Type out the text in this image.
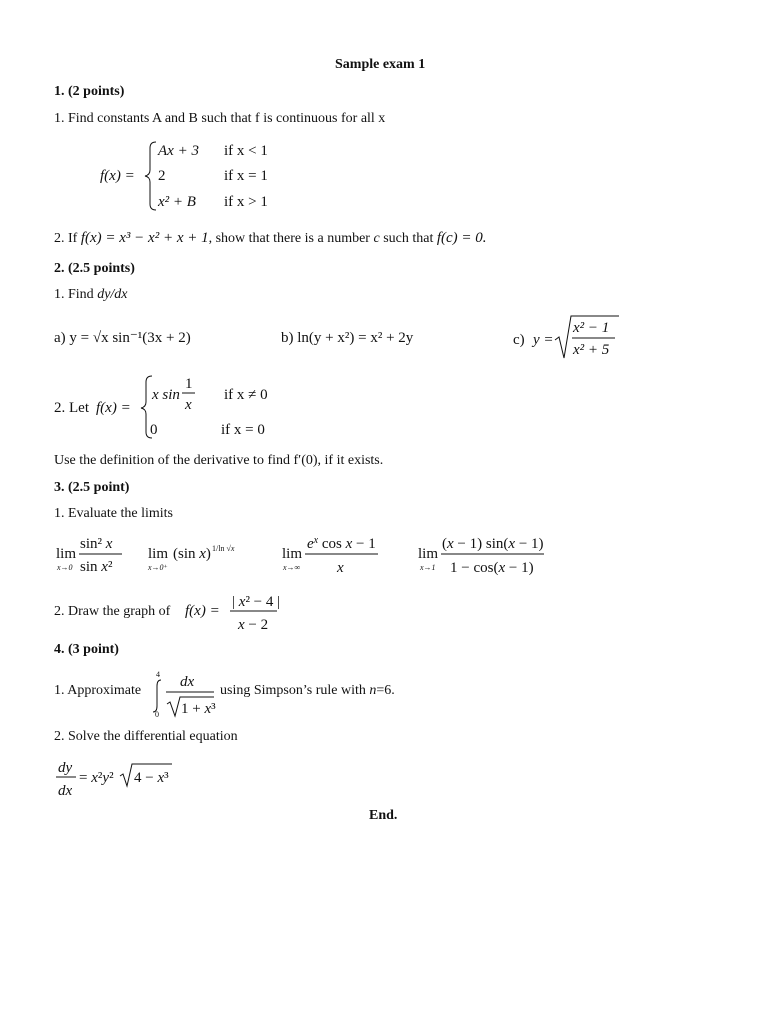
Sample exam 1
1. (2 points)
1. Find constants A and B such that f is continuous for all x
f(x) =
Ax + 3 if x < 1
2	if x = 1
x² + B if x > 1
2. If f(x) = x³ − x² + x + 1, show that there is a number c such that f(c) = 0.
2. (2.5 points)
1. Find dy/dx
a) y = √x sin⁻¹(3x + 2)	b) ln(y + x²) = x² + 2y	c) y =
x² − 1
x² + 5
2. Let f(x) =
x sin
1
x
if x ≠ 0
0	if x = 0
Use the definition of the derivative to find f′(0), if it exists.
3. (2.5 point)
1. Evaluate the limits
lim
x→0
sin² x
sin x²
lim
x→0⁺
(sin x) 1/ln √x	lim
x→∞
$e^x$ cos x − 1
x
lim
x→1
(x − 1) sin(x − 1)
1 − cos(x − 1)
2. Draw the graph of f(x) =
| x² − 4 |
x − 2
4. (3 point)
1. Approximate
4
0
dx
1 + x³
using Simpson’s rule with n=6.
2. Solve the differential equation
dy
dx
= x²y² 4 − x³
End.
